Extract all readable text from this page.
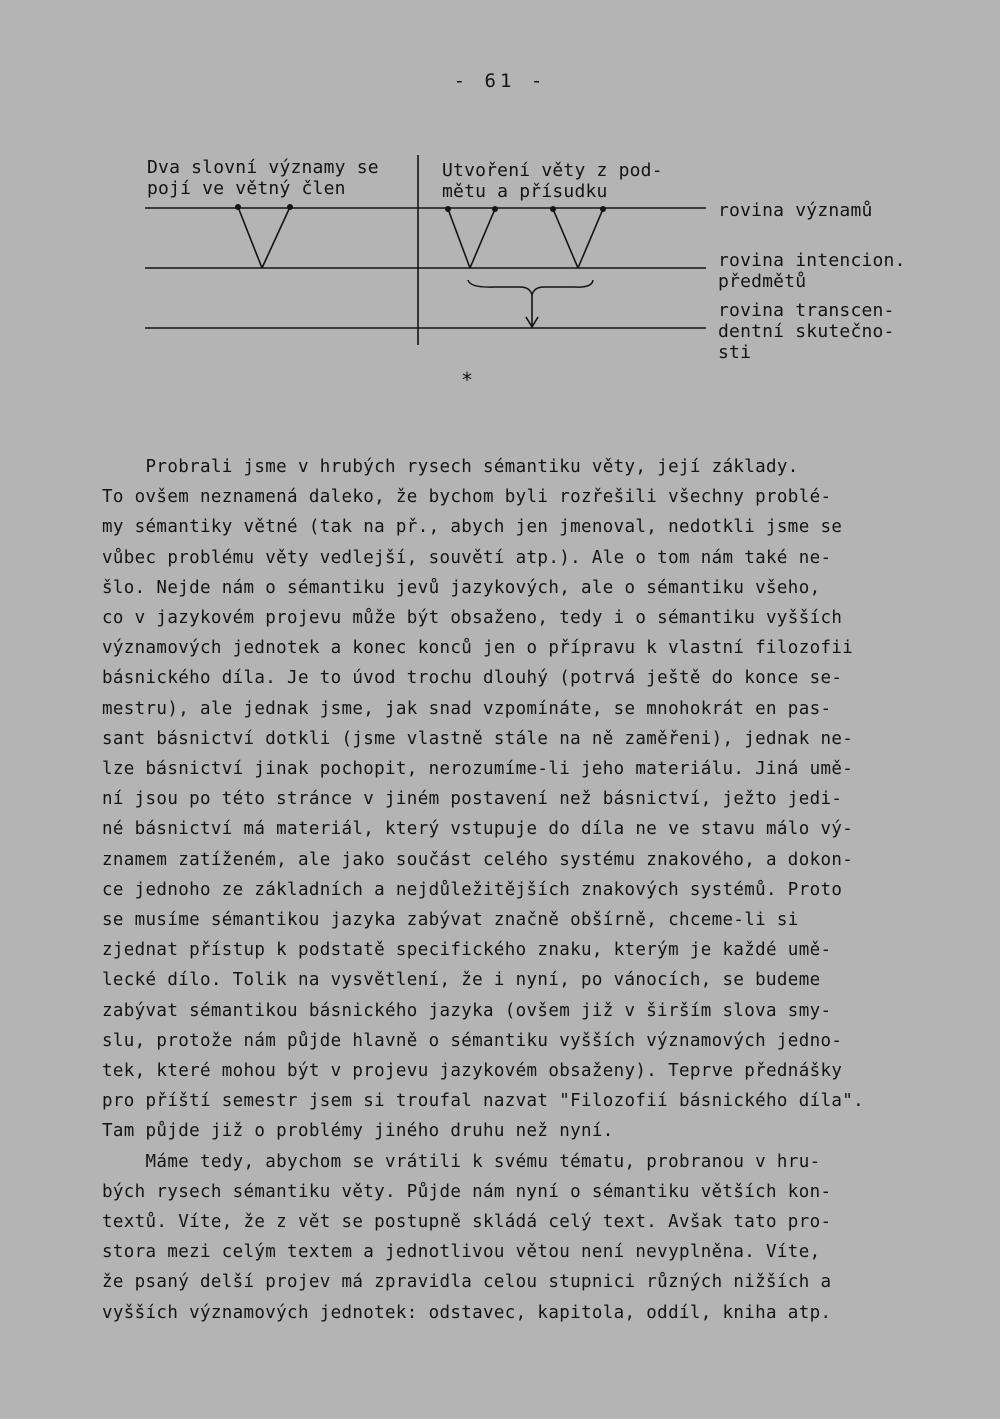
- 61 -
Dva slovní významy se
pojí ve větný člen
Utvoření věty z pod-
mětu a přísudku
rovina významů
rovina intencion.
předmětů
rovina transcen-
dentní skutečno-
sti
*

Probrali jsme v hrubých rysech sémantiku věty, její základy.

To ovšem neznamená daleko, že bychom byli rozřešili všechny problé-

my sémantiky větné (tak na př., abych jen jmenoval, nedotkli jsme se

vůbec problému věty vedlejší, souvětí atp.). Ale o tom nám také ne-

šlo. Nejde nám o sémantiku jevů jazykových, ale o sémantiku všeho,

co v jazykovém projevu může být obsaženo, tedy i o sémantiku vyšších

významových jednotek a konec konců jen o přípravu k vlastní filozofii

básnického díla. Je to úvod trochu dlouhý (potrvá ještě do konce se-

mestru), ale jednak jsme, jak snad vzpomínáte, se mnohokrát en pas-

sant básnictví dotkli (jsme vlastně stále na ně zaměřeni), jednak ne-

lze básnictví jinak pochopit, nerozumíme-li jeho materiálu. Jiná umě-

ní jsou po této stránce v jiném postavení než básnictví, ježto jedi-

né básnictví má materiál, který vstupuje do díla ne ve stavu málo vý-

znamem zatíženém, ale jako součást celého systému znakového, a dokon-

ce jednoho ze základních a nejdůležitějších znakových systémů. Proto

se musíme sémantikou jazyka zabývat značně obšírně, chceme-li si

zjednat přístup k podstatě specifického znaku, kterým je každé umě-

lecké dílo. Tolik na vysvětlení, že i nyní, po vánocích, se budeme

zabývat sémantikou básnického jazyka (ovšem již v širším slova smy-

slu, protože nám půjde hlavně o sémantiku vyšších významových jedno-

tek, které mohou být v projevu jazykovém obsaženy). Teprve přednášky

pro příští semestr jsem si troufal nazvat "Filozofií básnického díla".

Tam půjde již o problémy jiného druhu než nyní.

Máme tedy, abychom se vrátili k svému tématu, probranou v hru-

bých rysech sémantiku věty. Půjde nám nyní o sémantiku větších kon-

textů. Víte, že z vět se postupně skládá celý text. Avšak tato pro-

stora mezi celým textem a jednotlivou větou není nevyplněna. Víte,

že psaný delší projev má zpravidla celou stupnici různých nižších a

vyšších významových jednotek: odstavec, kapitola, oddíl, kniha atp.
